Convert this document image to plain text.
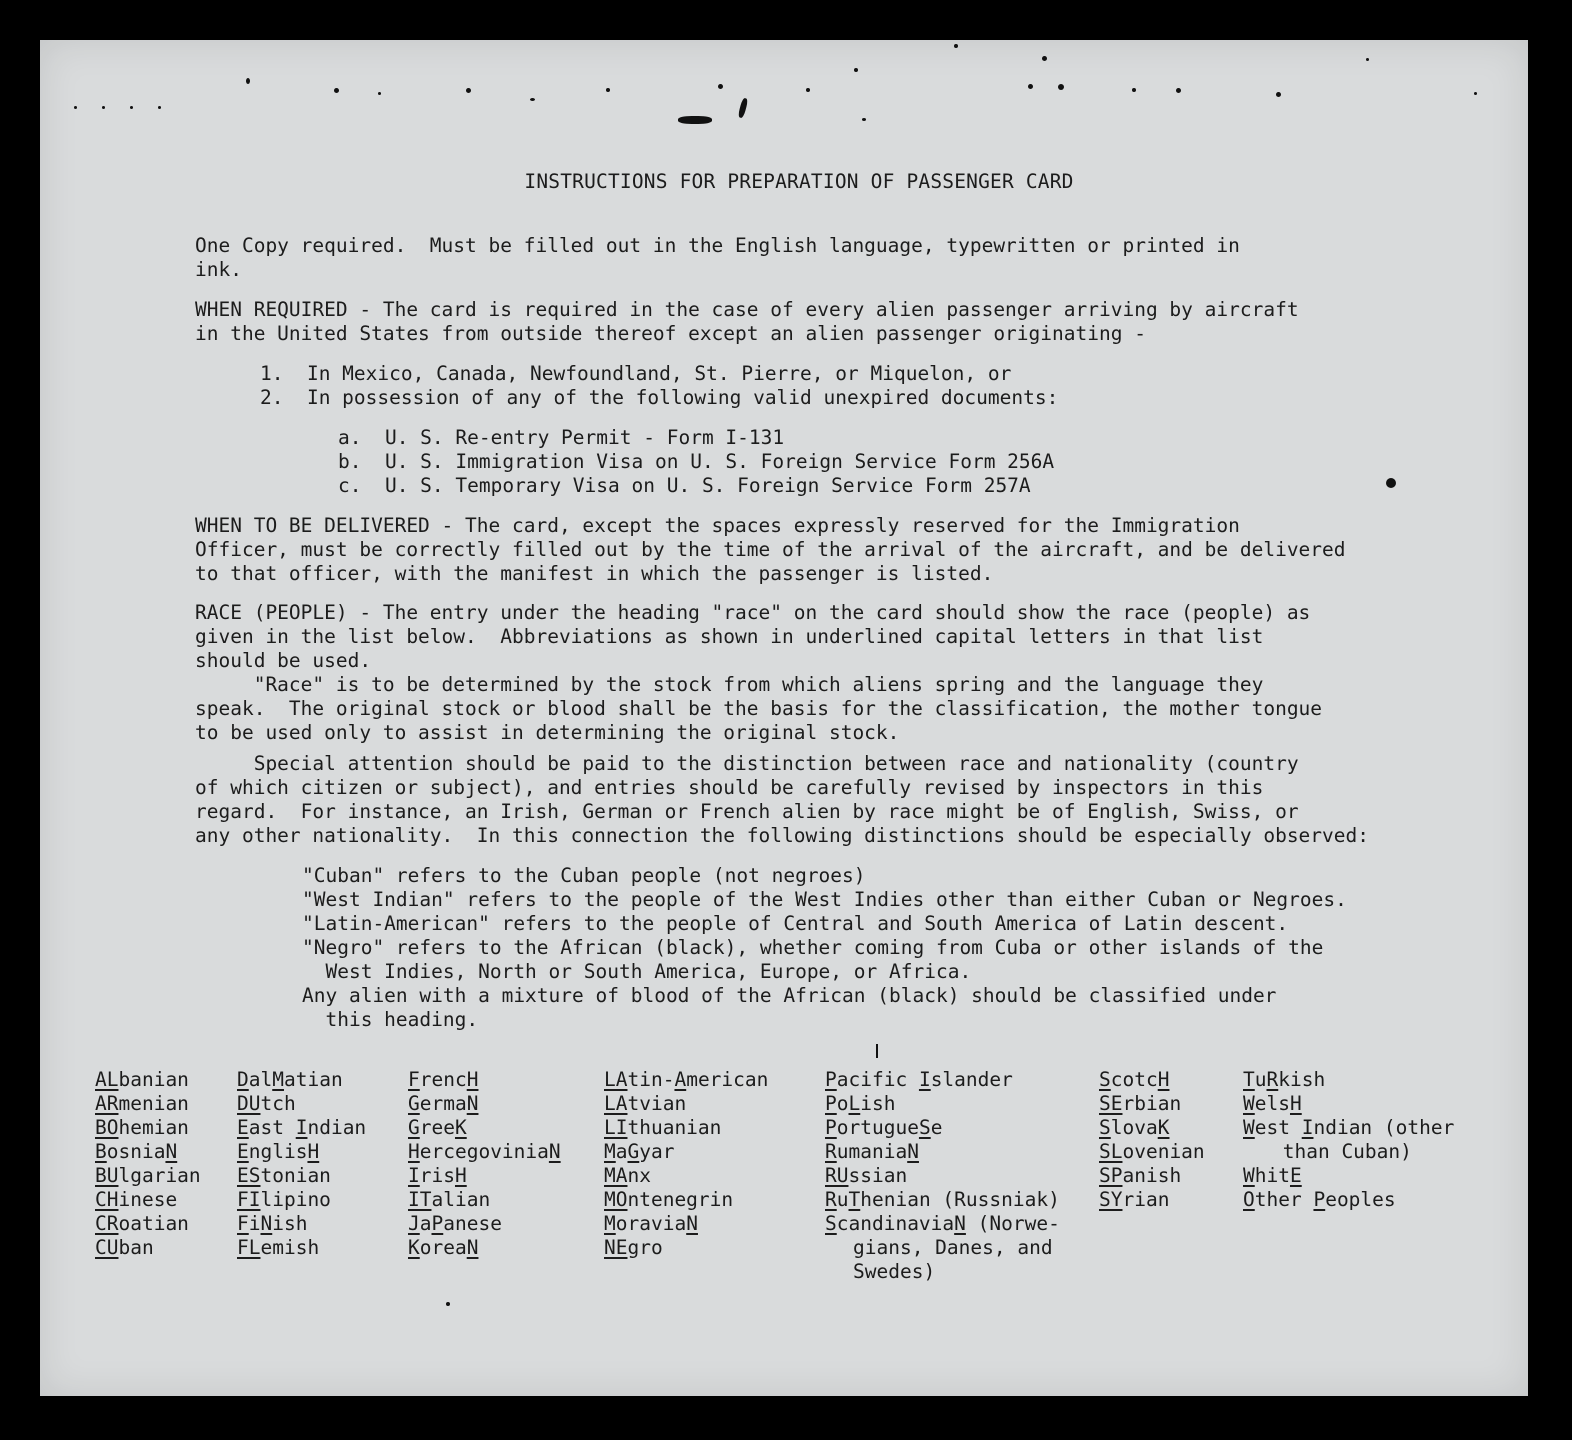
INSTRUCTIONS FOR PREPARATION OF PASSENGER CARD
One Copy required.  Must be filled out in the English language, typewritten or printed in
ink.
WHEN REQUIRED - The card is required in the case of every alien passenger arriving by aircraft
in the United States from outside thereof except an alien passenger originating -
1.  In Mexico, Canada, Newfoundland, St. Pierre, or Miquelon, or
2.  In possession of any of the following valid unexpired documents:
a.  U. S. Re-entry Permit - Form I-131
b.  U. S. Immigration Visa on U. S. Foreign Service Form 256A
c.  U. S. Temporary Visa on U. S. Foreign Service Form 257A
WHEN TO BE DELIVERED - The card, except the spaces expressly reserved for the Immigration
Officer, must be correctly filled out by the time of the arrival of the aircraft, and be delivered
to that officer, with the manifest in which the passenger is listed.
RACE (PEOPLE) - The entry under the heading "race" on the card should show the race (people) as
given in the list below.  Abbreviations as shown in underlined capital letters in that list
should be used.
"Race" is to be determined by the stock from which aliens spring and the language they
speak.  The original stock or blood shall be the basis for the classification, the mother tongue
to be used only to assist in determining the original stock.
Special attention should be paid to the distinction between race and nationality (country
of which citizen or subject), and entries should be carefully revised by inspectors in this
regard.  For instance, an Irish, German or French alien by race might be of English, Swiss, or
any other nationality.  In this connection the following distinctions should be especially observed:
"Cuban" refers to the Cuban people (not negroes)
"West Indian" refers to the people of the West Indies other than either Cuban or Negroes.
"Latin-American" refers to the people of Central and South America of Latin descent.
"Negro" refers to the African (black), whether coming from Cuba or other islands of the
West Indies, North or South America, Europe, or Africa.
Any alien with a mixture of blood of the African (black) should be classified under
this heading.
ALbanian
ARmenian
BOhemian
BosniaN
BUlgarian
CHinese
CRoatian
CUban
DalMatian
DUtch
East Indian
EnglisH
EStonian
FIlipino
FiNish
FLemish
FrencH
GermaN
GreeK
HercegoviniaN
IrisH
ITalian
JaPanese
KoreaN
LAtin-American
LAtvian
LIthuanian
MaGyar
MAnx
MOntenegrin
MoraviaN
NEgro
Pacific Islander
PoLish
PortugueSe
RumaniaN
RUssian
RuThenian (Russniak)
ScandinaviaN (Norwe-
gians, Danes, and
Swedes)
ScotcH
SErbian
SlovaK
SLovenian
SPanish
SYrian
TuRkish
WelsH
West Indian (other
than Cuban)
WhitE
Other Peoples
